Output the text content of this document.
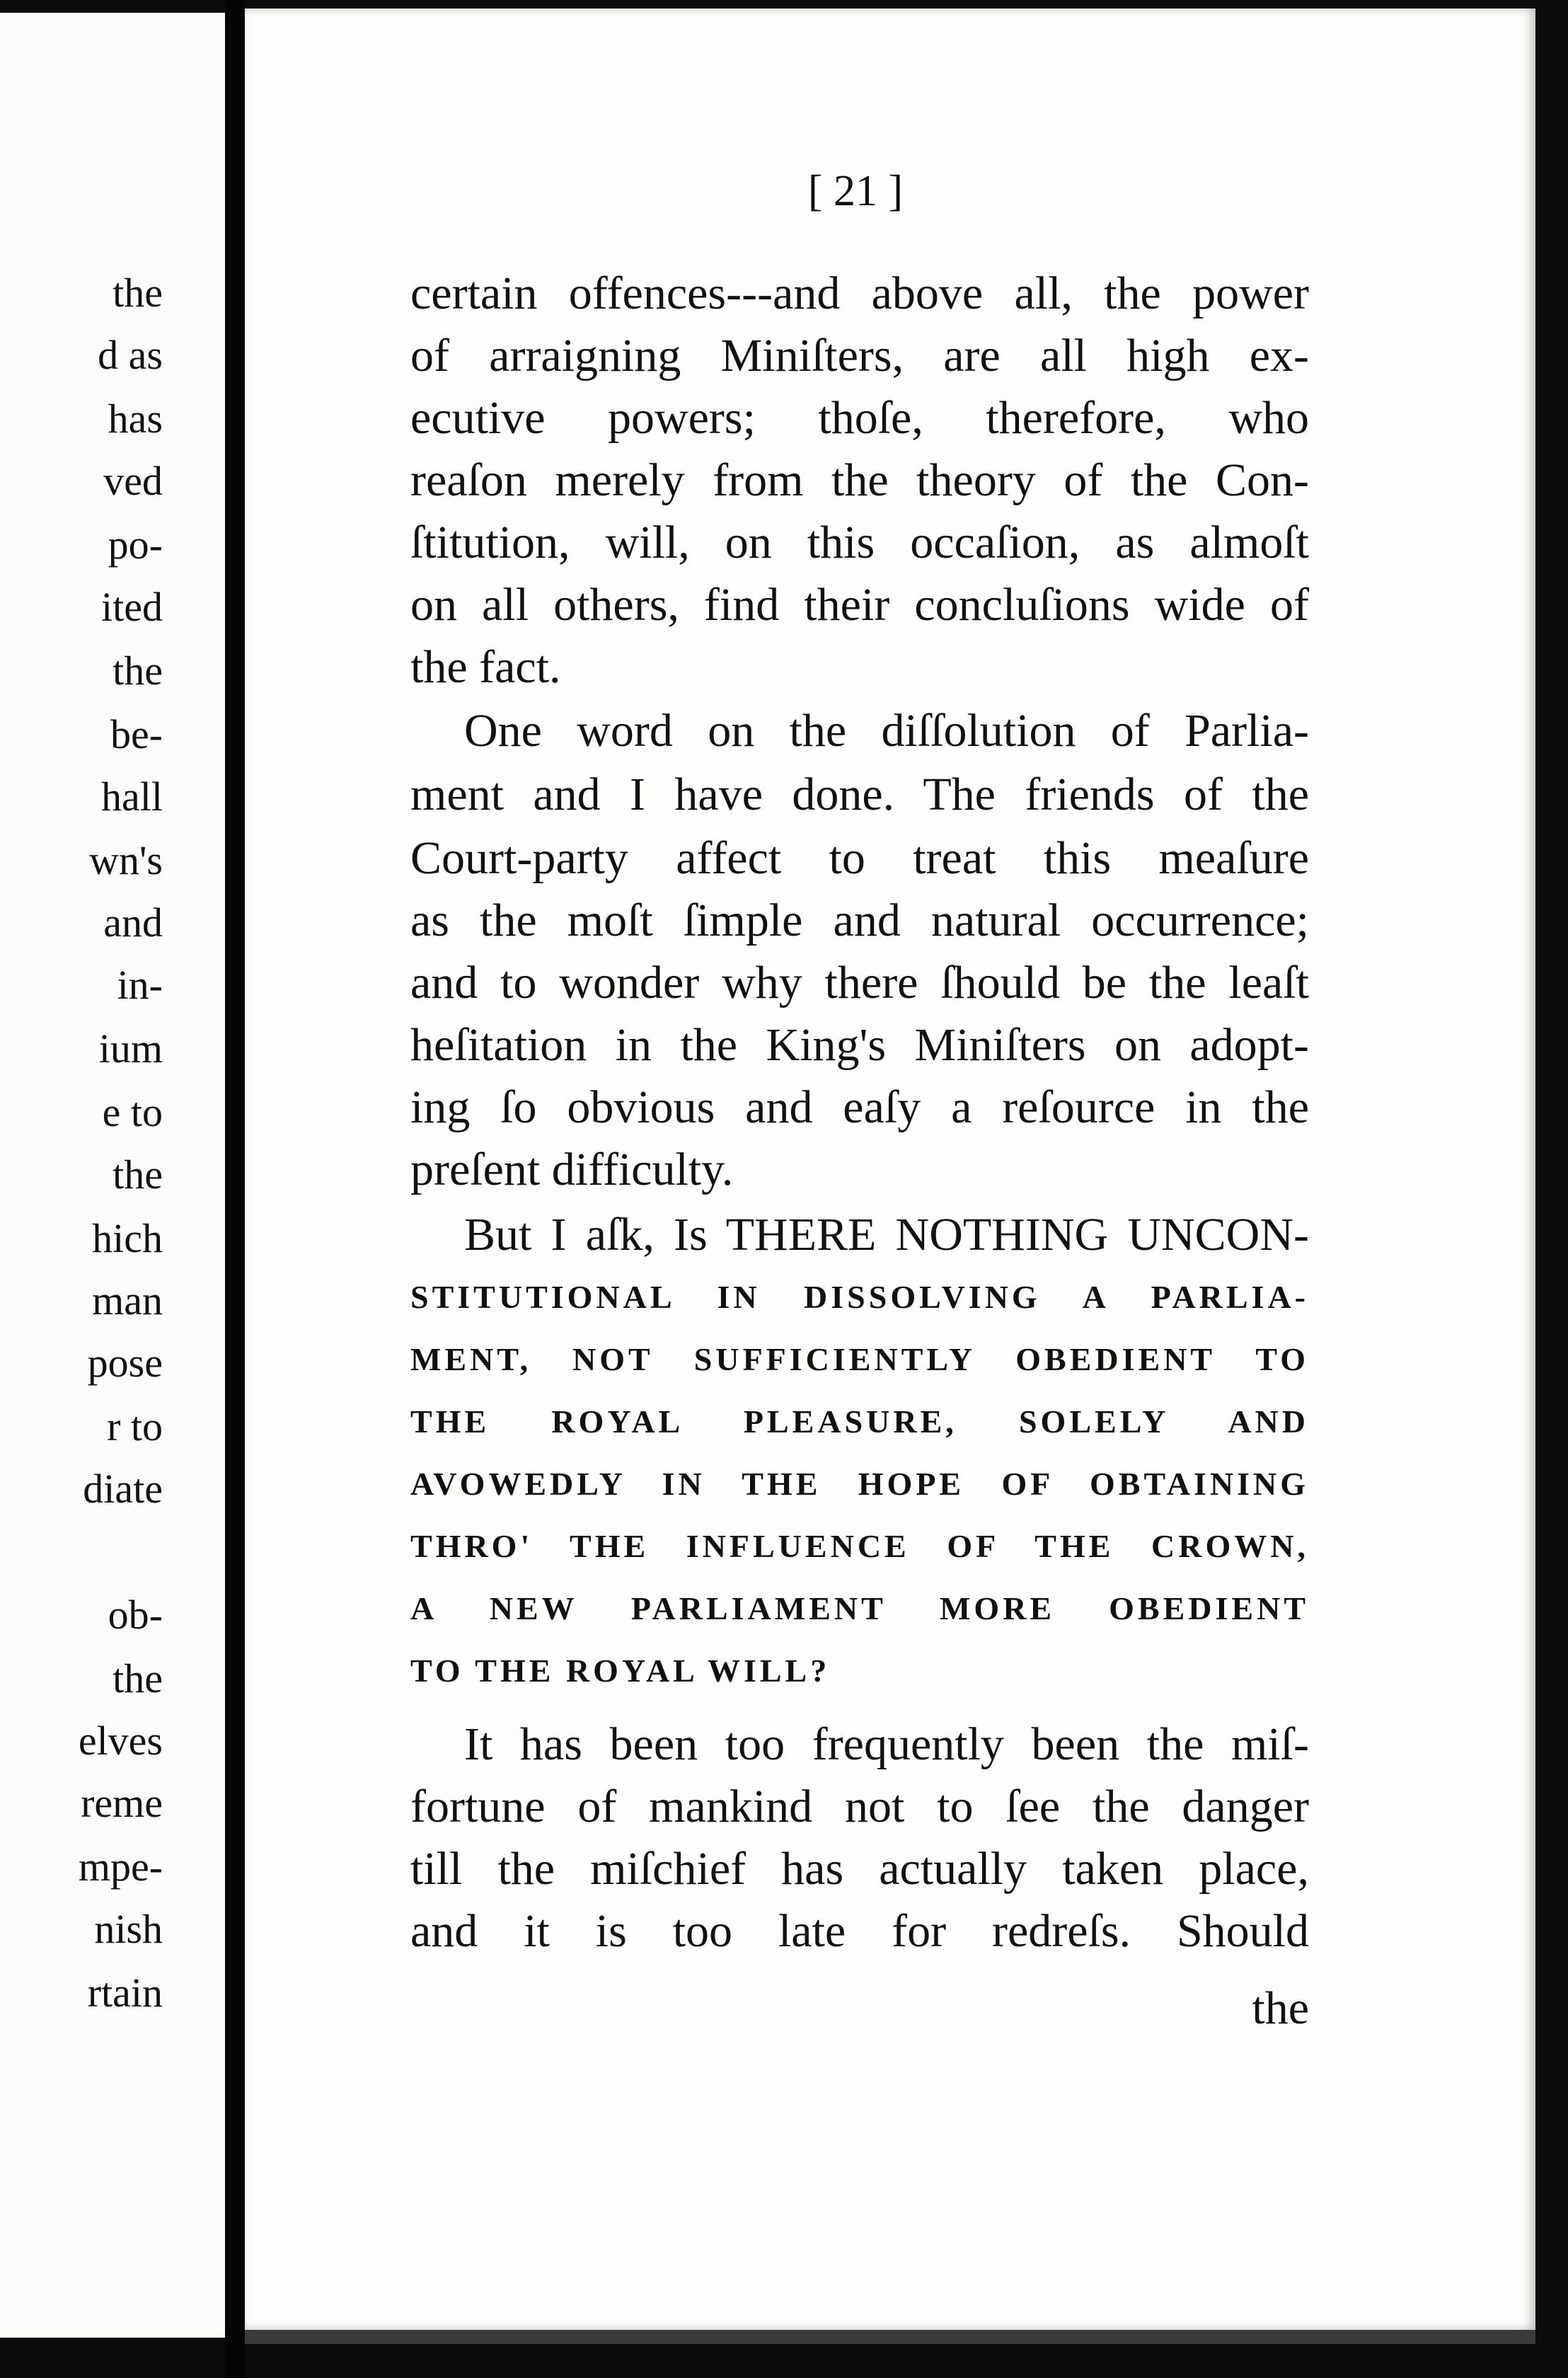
the
d as
has
ved
po-
ited
the
be-
hall
wn's
and
in-
ium
e to
the
hich
man
pose
r to
diate
ob-
the
elves
reme
mpe-
nish
rtain
[ 21 ]
certain offences---and above all, the power
of arraigning Miniſters, are all high ex-
ecutive powers; thoſe, therefore, who
reaſon merely from the theory of the Con-
ſtitution, will, on this occaſion, as almoſt
on all others, find their concluſions wide of
the fact.
One word on the diſſolution of Parlia-
ment and I have done. The friends of the
Court-party affect to treat this meaſure
as the moſt ſimple and natural occurrence;
and to wonder why there ſhould be the leaſt
heſitation in the King's Miniſters on adopt-
ing ſo obvious and eaſy a reſource in the
preſent difficulty.
But I aſk, Is THERE NOTHING UNCON-
STITUTIONAL IN DISSOLVING A PARLIA-
MENT, NOT SUFFICIENTLY OBEDIENT TO
THE ROYAL PLEASURE, SOLELY AND
AVOWEDLY IN THE HOPE OF OBTAINING
THRO' THE INFLUENCE OF THE CROWN,
A NEW PARLIAMENT MORE OBEDIENT
TO THE ROYAL WILL?
It has been too frequently been the miſ-
fortune of mankind not to ſee the danger
till the miſchief has actually taken place,
and it is too late for redreſs. Should
the
